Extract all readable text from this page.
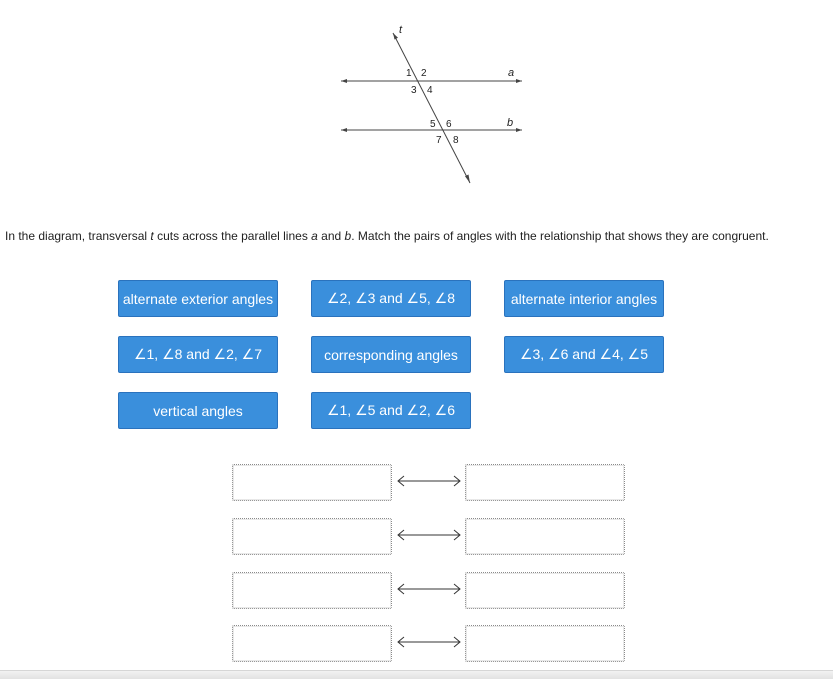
t
a
b
1 2
3 4
5 6
7 8
In the diagram, transversal t cuts across the parallel lines a and b. Match the pairs of angles with the relationship that shows they are congruent.
alternate exterior angles	∠2, ∠3 and ∠5, ∠8	alternate interior angles
∠1, ∠8 and ∠2, ∠7	corresponding angles	∠3, ∠6 and ∠4, ∠5
vertical angles	∠1, ∠5 and ∠2, ∠6
